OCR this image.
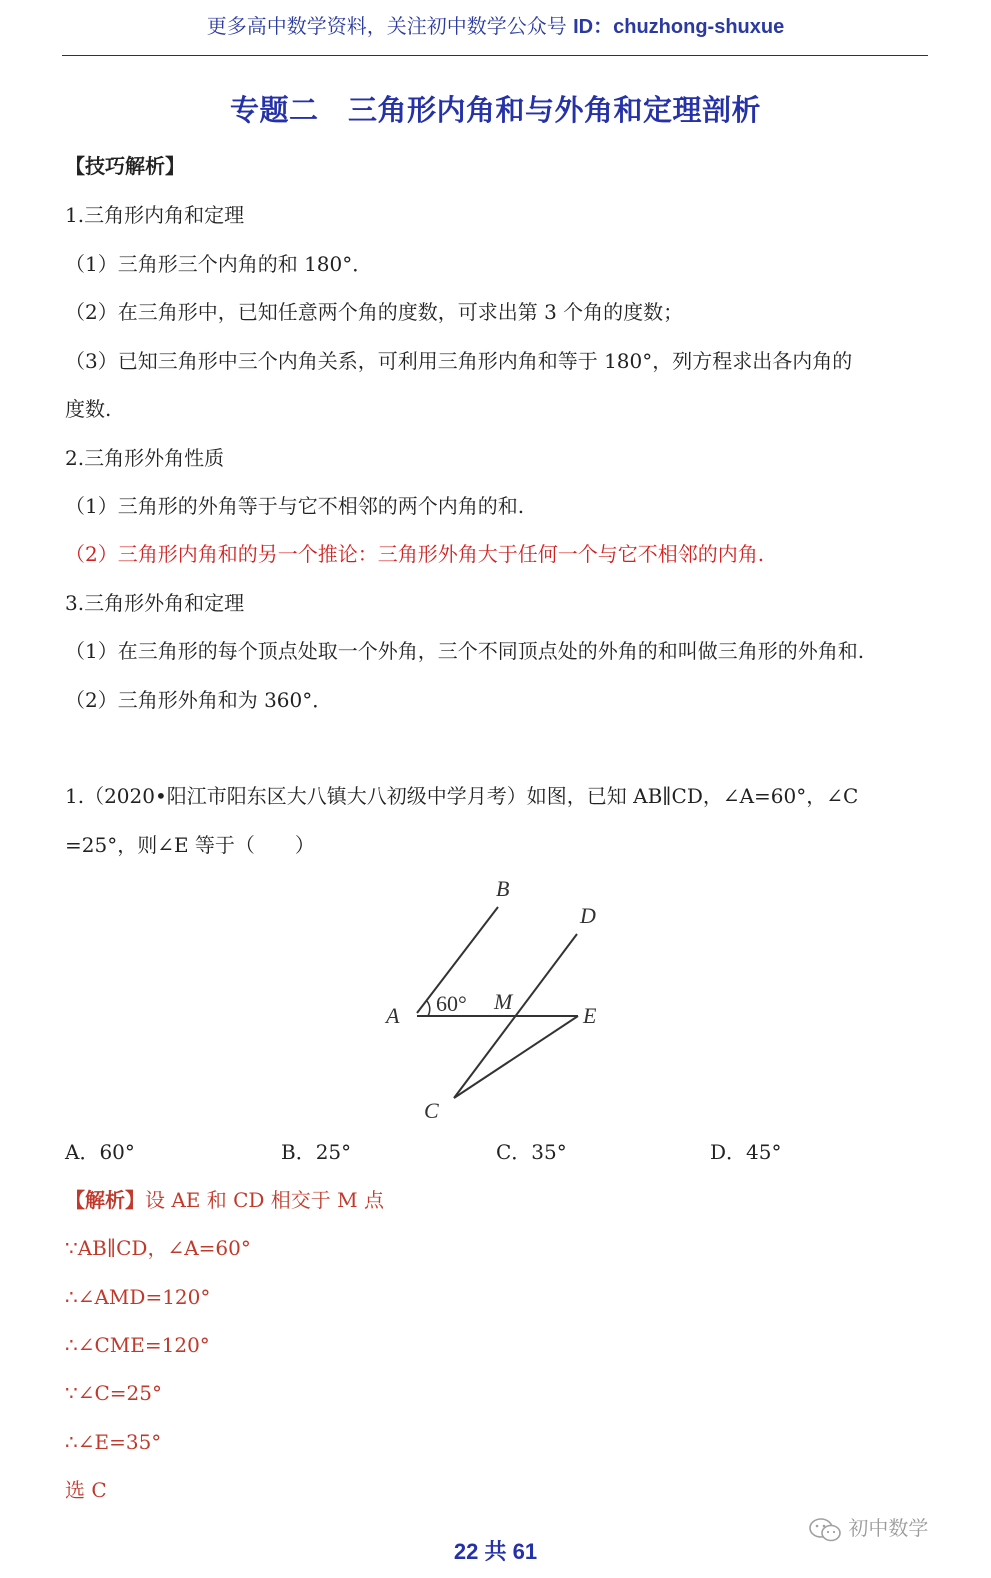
更多高中数学资料，关注初中数学公众号 ID：chuzhong-shuxue
专题二　三角形内角和与外角和定理剖析
【技巧解析】
1.三角形内角和定理
（1）三角形三个内角的和 180°．
（2）在三角形中，已知任意两个角的度数，可求出第 3 个角的度数；
（3）已知三角形中三个内角关系，可利用三角形内角和等于 180°，列方程求出各内角的
度数.
2.三角形外角性质
（1）三角形的外角等于与它不相邻的两个内角的和.
（2）三角形内角和的另一个推论：三角形外角大于任何一个与它不相邻的内角.
3.三角形外角和定理
（1）在三角形的每个顶点处取一个外角，三个不同顶点处的外角的和叫做三角形的外角和.
（2）三角形外角和为 360°．
1.（2020•阳江市阳东区大八镇大八初级中学月考）如图，已知 AB∥CD，∠A=60°，∠C
=25°，则∠E 等于（　　）
B
D
A 60° M
E
C
A．60°	B．25°	C．35°	D．45°
【解析】设 AE 和 CD 相交于 M 点
∵AB∥CD，∠A=60°
∴∠AMD=120°
∴∠CME=120°
∵∠C=25°
∴∠E=35°
选 C
初中数学
22 共 61
